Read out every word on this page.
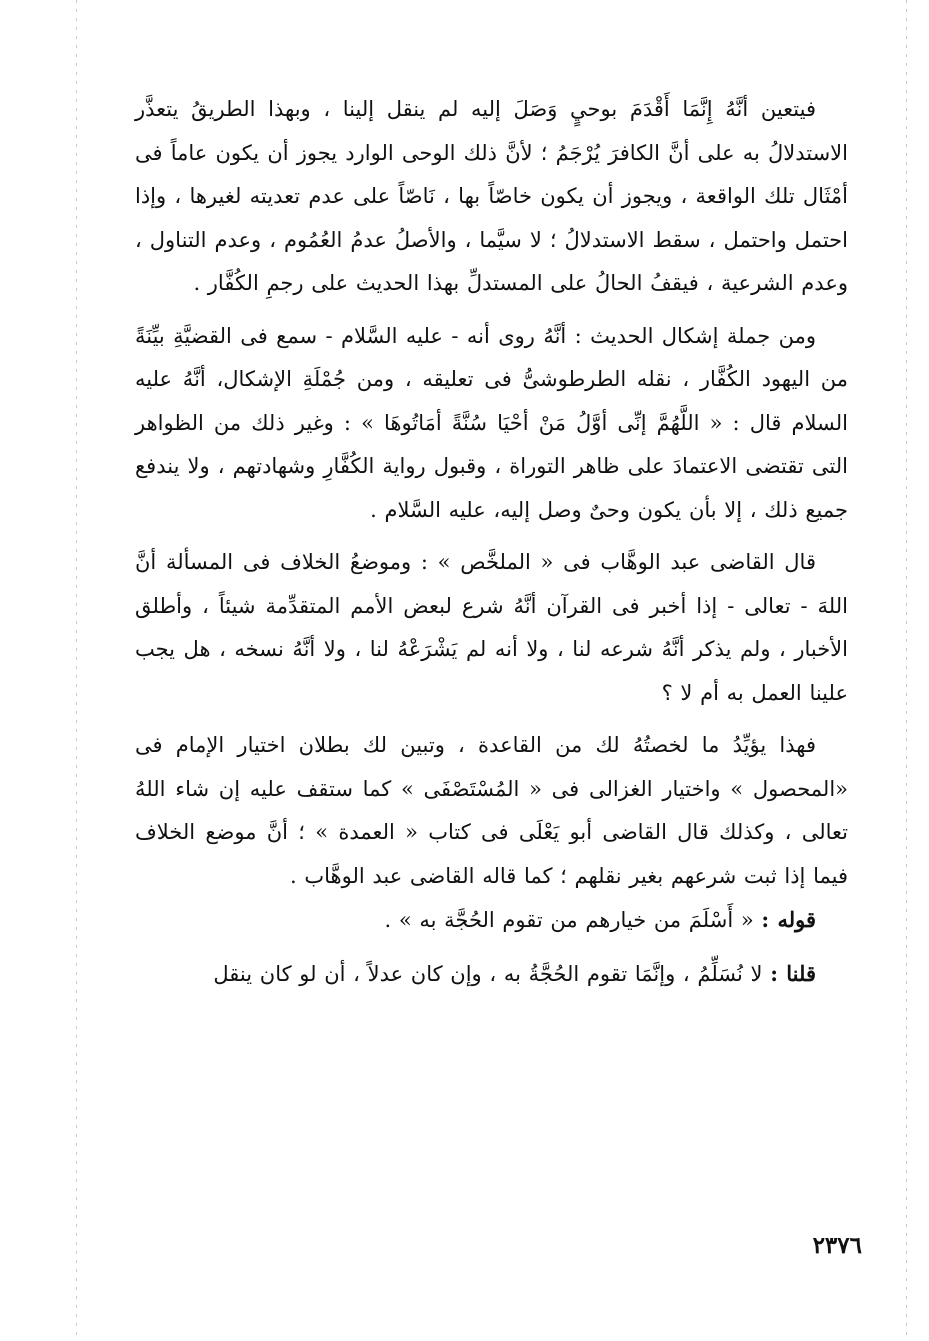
فيتعين أنَّهُ إِنَّمَا أَقْدَمَ بوحيٍ وَصَلَ إليه لم ينقل إلينا ، وبهذا الطريقُ يتعذَّر الاستدلالُ به على أنَّ الكافرَ يُرْجَمُ ؛ لأنَّ ذلك الوحى الوارد يجوز أن يكون عاماً فى أمْثَال تلك الواقعة ، ويجوز أن يكون خاصّاً بها ، نَاصّاً على عدم تعديته لغيرها ، وإذا احتمل واحتمل ، سقط الاستدلالُ ؛ لا سيَّما ، والأصلُ عدمُ العُمُوم ، وعدم التناول ، وعدم الشرعية ، فيقفُ الحالُ على المستدلِّ بهذا الحديث على رجمِ الكُفَّار .

ومن جملة إشكال الحديث : أنَّهُ روى أنه - عليه السَّلام - سمع فى القضيَّةِ بيِّنَةً من اليهود الكُفَّار ، نقله الطرطوشىُّ فى تعليقه ، ومن جُمْلَةِ الإشكال، أنَّهُ عليه السلام قال : « اللَّهُمَّ إنِّى أوَّلُ مَنْ أحْيَا سُنَّةً أمَاتُوهَا » : وغير ذلك من الظواهر التى تقتضى الاعتمادَ على ظاهر التوراة ، وقبول رواية الكُفَّارِ وشهادتهم ، ولا يندفع جميع ذلك ، إلا بأن يكون وحىٌ وصل إليه، عليه السَّلام .

قال القاضى عبد الوهَّاب فى « الملخَّص » : وموضعُ الخلاف فى المسألة أنَّ اللهَ - تعالى - إذا أخبر فى القرآن أنَّهُ شرع لبعض الأمم المتقدِّمة شيئاً ، وأطلق الأخبار ، ولم يذكر أنَّهُ شرعه لنا ، ولا أنه لم يَشْرَعْهُ لنا ، ولا أنَّهُ نسخه ، هل يجب علينا العمل به أم لا ؟

فهذا يؤيِّدُ ما لخصتُهُ لك من القاعدة ، وتبين لك بطلان اختيار الإمام فى «المحصول » واختيار الغزالى فى « المُسْتَصْفَى » كما ستقف عليه إن شاء اللهُ تعالى ، وكذلك قال القاضى أبو يَعْلَى فى كتاب « العمدة » ؛ أنَّ موضع الخلاف فيما إذا ثبت شرعهم بغير نقلهم ؛ كما قاله القاضى عبد الوهَّاب .

قوله : « أَسْلَمَ من خيارهم من تقوم الحُجَّة به » .

قلنا : لا نُسَلِّمُ ، وإنَّمَا تقوم الحُجَّةُ به ، وإن كان عدلاً ، أن لو كان ينقل

٢٣٧٦
